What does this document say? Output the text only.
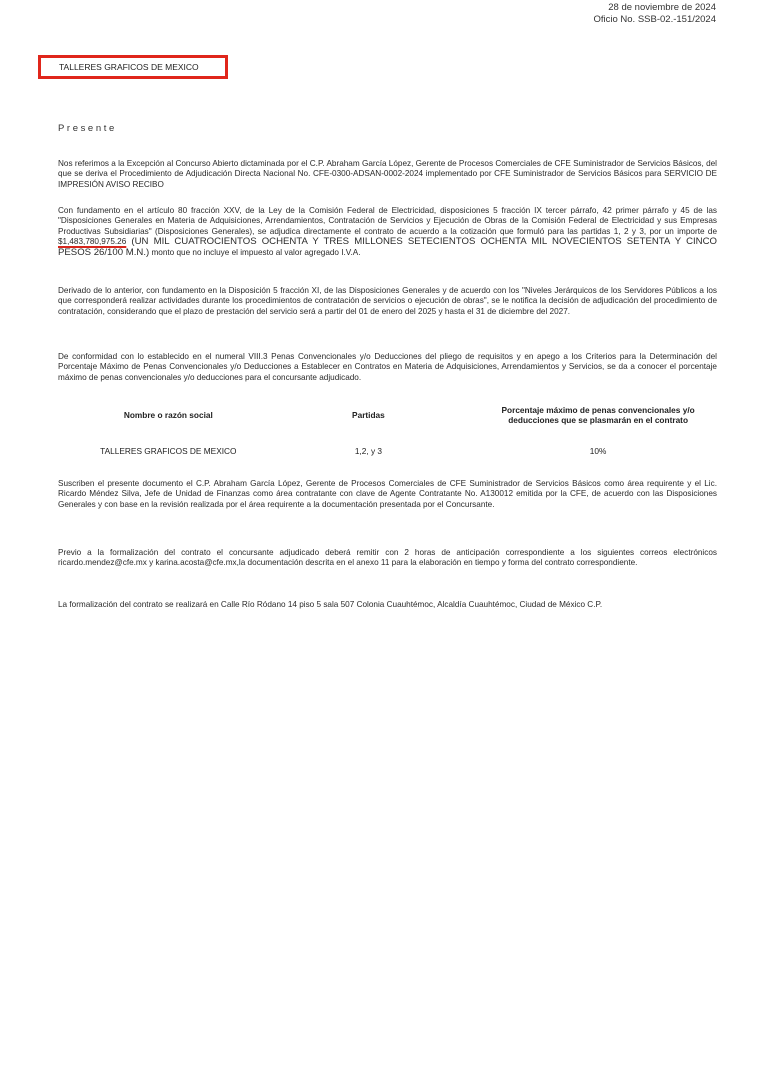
28 de noviembre de 2024
Oficio No. SSB-02.-151/2024
TALLERES GRAFICOS DE MEXICO
Presente
Nos referimos a la Excepción al Concurso Abierto dictaminada por el C.P. Abraham García López, Gerente de Procesos Comerciales de CFE Suministrador de Servicios Básicos, del que se deriva el Procedimiento de Adjudicación Directa Nacional No. CFE-0300-ADSAN-0002-2024 implementado por CFE Suministrador de Servicios Básicos para SERVICIO DE IMPRESIÓN AVISO RECIBO
Con fundamento en el artículo 80 fracción XXV, de la Ley de la Comisión Federal de Electricidad, disposiciones 5 fracción IX tercer párrafo, 42 primer párrafo y 45 de las "Disposiciones Generales en Materia de Adquisiciones, Arrendamientos, Contratación de Servicios y Ejecución de Obras de la Comisión Federal de Electricidad y sus Empresas Productivas Subsidiarias" (Disposiciones Generales), se adjudica directamente el contrato de acuerdo a la cotización que formuló para las partidas 1, 2 y 3, por un importe de $1,483,780,975.26 (UN MIL CUATROCIENTOS OCHENTA Y TRES MILLONES SETECIENTOS OCHENTA MIL NOVECIENTOS SETENTA Y CINCO PESOS 26/100 M.N.) monto que no incluye el impuesto al valor agregado I.V.A.
Derivado de lo anterior, con fundamento en la Disposición 5 fracción XI, de las Disposiciones Generales y de acuerdo con los "Niveles Jerárquicos de los Servidores Públicos a los que corresponderá realizar actividades durante los procedimientos de contratación de servicios o ejecución de obras", se le notifica la decisión de adjudicación del procedimiento de contratación, considerando que el plazo de prestación del servicio será a partir del 01 de enero del 2025 y hasta el 31 de diciembre del 2027.
De conformidad con lo establecido en el numeral VIII.3 Penas Convencionales y/o Deducciones del pliego de requisitos y en apego a los Criterios para la Determinación del Porcentaje Máximo de Penas Convencionales y/o Deducciones a Establecer en Contratos en Materia de Adquisiciones, Arrendamientos y Servicios, se da a conocer el porcentaje máximo de penas convencionales y/o deducciones para el concursante adjudicado.
Nombre o razón social	Partidas	Porcentaje máximo de penas convencionales y/o deducciones que se plasmarán en el contrato
TALLERES GRAFICOS DE MEXICO	1,2, y 3	10%
Suscriben el presente documento el C.P. Abraham García López, Gerente de Procesos Comerciales de CFE Suministrador de Servicios Básicos como área requirente y el Lic. Ricardo Méndez Silva, Jefe de Unidad de Finanzas como área contratante con clave de Agente Contratante No. A130012 emitida por la CFE, de acuerdo con las Disposiciones Generales y con base en la revisión realizada por el área requirente a la documentación presentada por el Concursante.
Previo a la formalización del contrato el concursante adjudicado deberá remitir con 2 horas de anticipación correspondiente a los siguientes correos electrónicos ricardo.mendez@cfe.mx y karina.acosta@cfe.mx,la documentación descrita en el anexo 11 para la elaboración en tiempo y forma del contrato correspondiente.
La formalización del contrato se realizará en Calle Río Ródano 14 piso 5 sala 507 Colonia Cuauhtémoc, Alcaldía Cuauhtémoc, Ciudad de México C.P.
